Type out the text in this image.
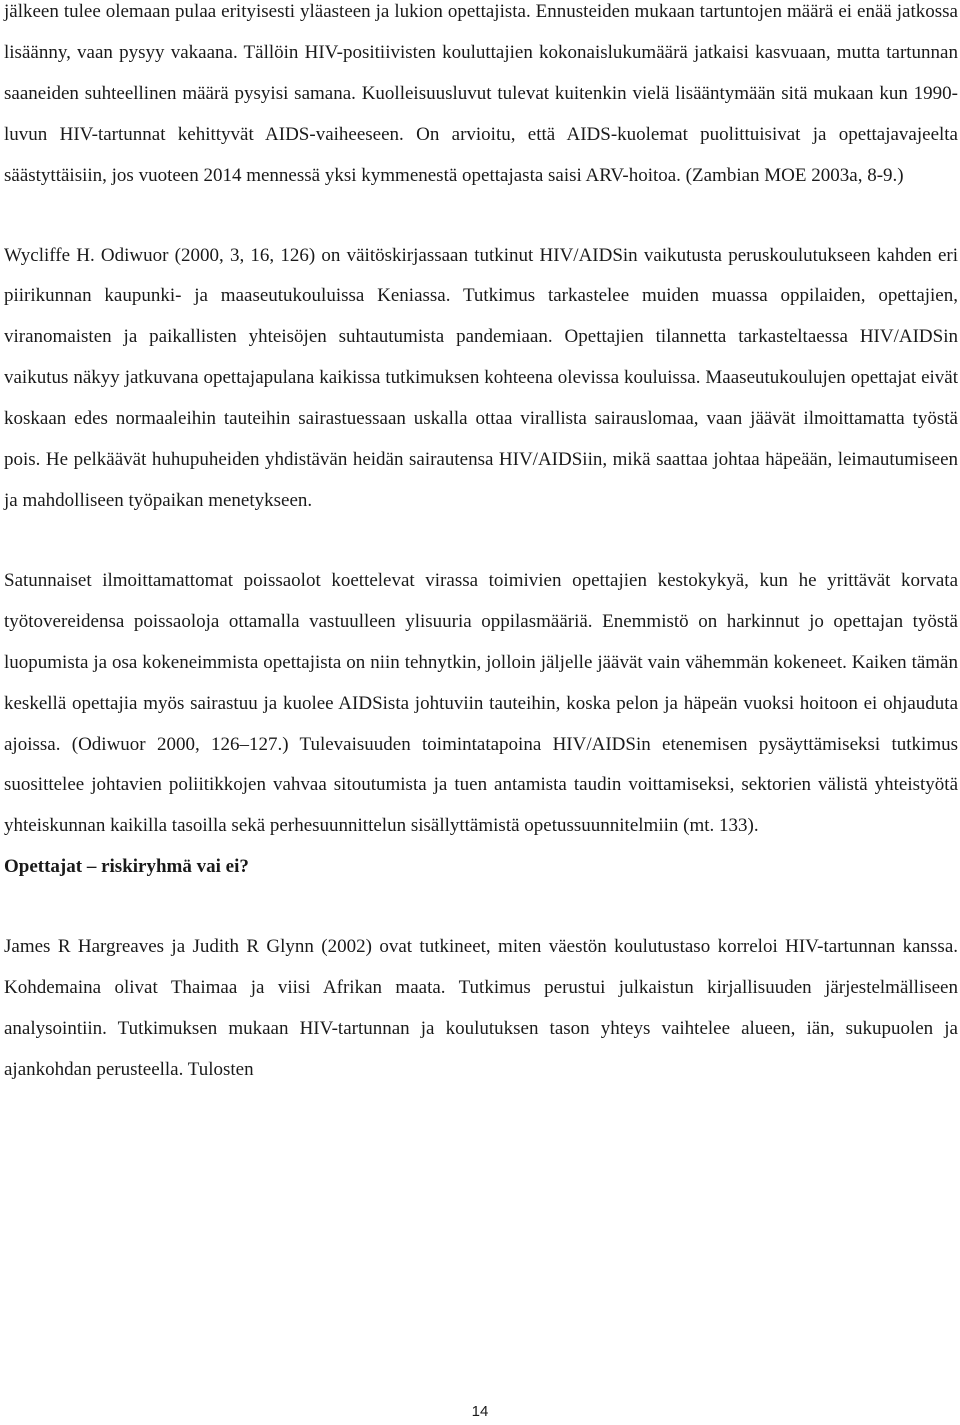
jälkeen tulee olemaan pulaa erityisesti yläasteen ja lukion opettajista. Ennusteiden mukaan tartuntojen määrä ei enää jatkossa lisäänny, vaan pysyy vakaana. Tällöin HIV-positiivisten kouluttajien kokonaislukumäärä jatkaisi kasvuaan, mutta tartunnan saaneiden suhteellinen määrä pysyisi samana. Kuolleisuusluvut tulevat kuitenkin vielä lisääntymään sitä mukaan kun 1990-luvun HIV-tartunnat kehittyvät AIDS-vaiheeseen. On arvioitu, että AIDS-kuolemat puolittuisivat ja opettajavajeelta säästyttäisiin, jos vuoteen 2014 mennessä yksi kymmenestä opettajasta saisi ARV-hoitoa. (Zambian MOE 2003a, 8-9.)

Wycliffe H. Odiwuor (2000, 3, 16, 126) on väitöskirjassaan tutkinut HIV/AIDSin vaikutusta peruskoulutukseen kahden eri piirikunnan kaupunki- ja maaseutukouluissa Keniassa. Tutkimus tarkastelee muiden muassa oppilaiden, opettajien, viranomaisten ja paikallisten yhteisöjen suhtautumista pandemiaan. Opettajien tilannetta tarkasteltaessa HIV/AIDSin vaikutus näkyy jatkuvana opettajapulana kaikissa tutkimuksen kohteena olevissa kouluissa. Maaseutukoulujen opettajat eivät koskaan edes normaaleihin tauteihin sairastuessaan uskalla ottaa virallista sairauslomaa, vaan jäävät ilmoittamatta työstä pois. He pelkäävät huhupuheiden yhdistävän heidän sairautensa HIV/AIDSiin, mikä saattaa johtaa häpeään, leimautumiseen ja mahdolliseen työpaikan menetykseen.

Satunnaiset ilmoittamattomat poissaolot koettelevat virassa toimivien opettajien kestokykyä, kun he yrittävät korvata työtovereidensa poissaoloja ottamalla vastuulleen ylisuuria oppilasmääriä. Enemmistö on harkinnut jo opettajan työstä luopumista ja osa kokeneimmista opettajista on niin tehnytkin, jolloin jäljelle jäävät vain vähemmän kokeneet. Kaiken tämän keskellä opettajia myös sairastuu ja kuolee AIDSista johtuviin tauteihin, koska pelon ja häpeän vuoksi hoitoon ei ohjauduta ajoissa. (Odiwuor 2000, 126–127.) Tulevaisuuden toimintatapoina HIV/AIDSin etenemisen pysäyttämiseksi tutkimus suosittelee johtavien poliitikkojen vahvaa sitoutumista ja tuen antamista taudin voittamiseksi, sektorien välistä yhteistyötä yhteiskunnan kaikilla tasoilla sekä perhesuunnittelun sisällyttämistä opetussuunnitelmiin (mt. 133).

Opettajat – riskiryhmä vai ei?

James R Hargreaves ja Judith R Glynn (2002) ovat tutkineet, miten väestön koulutustaso korreloi HIV-tartunnan kanssa. Kohdemaina olivat Thaimaa ja viisi Afrikan maata. Tutkimus perustui julkaistun kirjallisuuden järjestelmälliseen analysointiin. Tutkimuksen mukaan HIV-tartunnan ja koulutuksen tason yhteys vaihtelee alueen, iän, sukupuolen ja ajankohdan perusteella. Tulosten

14
